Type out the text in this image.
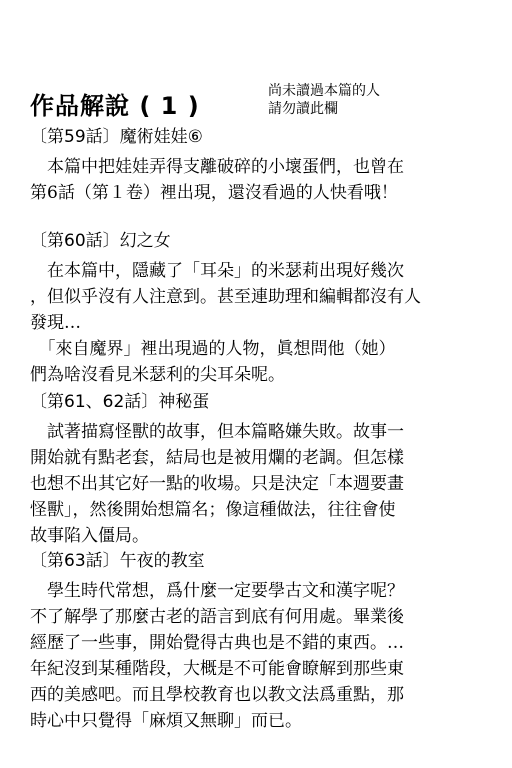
作品解說 ( 1 )
尚未讀過本篇的人
請勿讀此欄
〔第59話〕魔術娃娃⑥
　本篇中把娃娃弄得支離破碎的小壞蛋們，也曾在
第6話（第１卷）裡出現，還沒看過的人快看哦！
〔第60話〕幻之女
　在本篇中，隱藏了「耳朵」的米瑟莉出現好幾次
，但似乎沒有人注意到。甚至連助理和編輯都沒有人
發現…
　「來自魔界」裡出現過的人物，眞想問他（她）
們為啥沒看見米瑟利的尖耳朵呢。
〔第61、62話〕神秘蛋
　試著描寫怪獸的故事，但本篇略嫌失敗。故事一
開始就有點老套，結局也是被用爛的老調。但怎樣
也想不出其它好一點的收場。只是決定「本週要畫
怪獸」，然後開始想篇名；像這種做法，往往會使
故事陷入僵局。
〔第63話〕午夜的教室
　學生時代常想，爲什麼一定要學古文和漢字呢？
不了解學了那麼古老的語言到底有何用處。畢業後
經歷了一些事，開始覺得古典也是不錯的東西。…
年紀沒到某種階段，大概是不可能會瞭解到那些東
西的美感吧。而且學校教育也以教文法爲重點，那
時心中只覺得「麻煩又無聊」而已。
